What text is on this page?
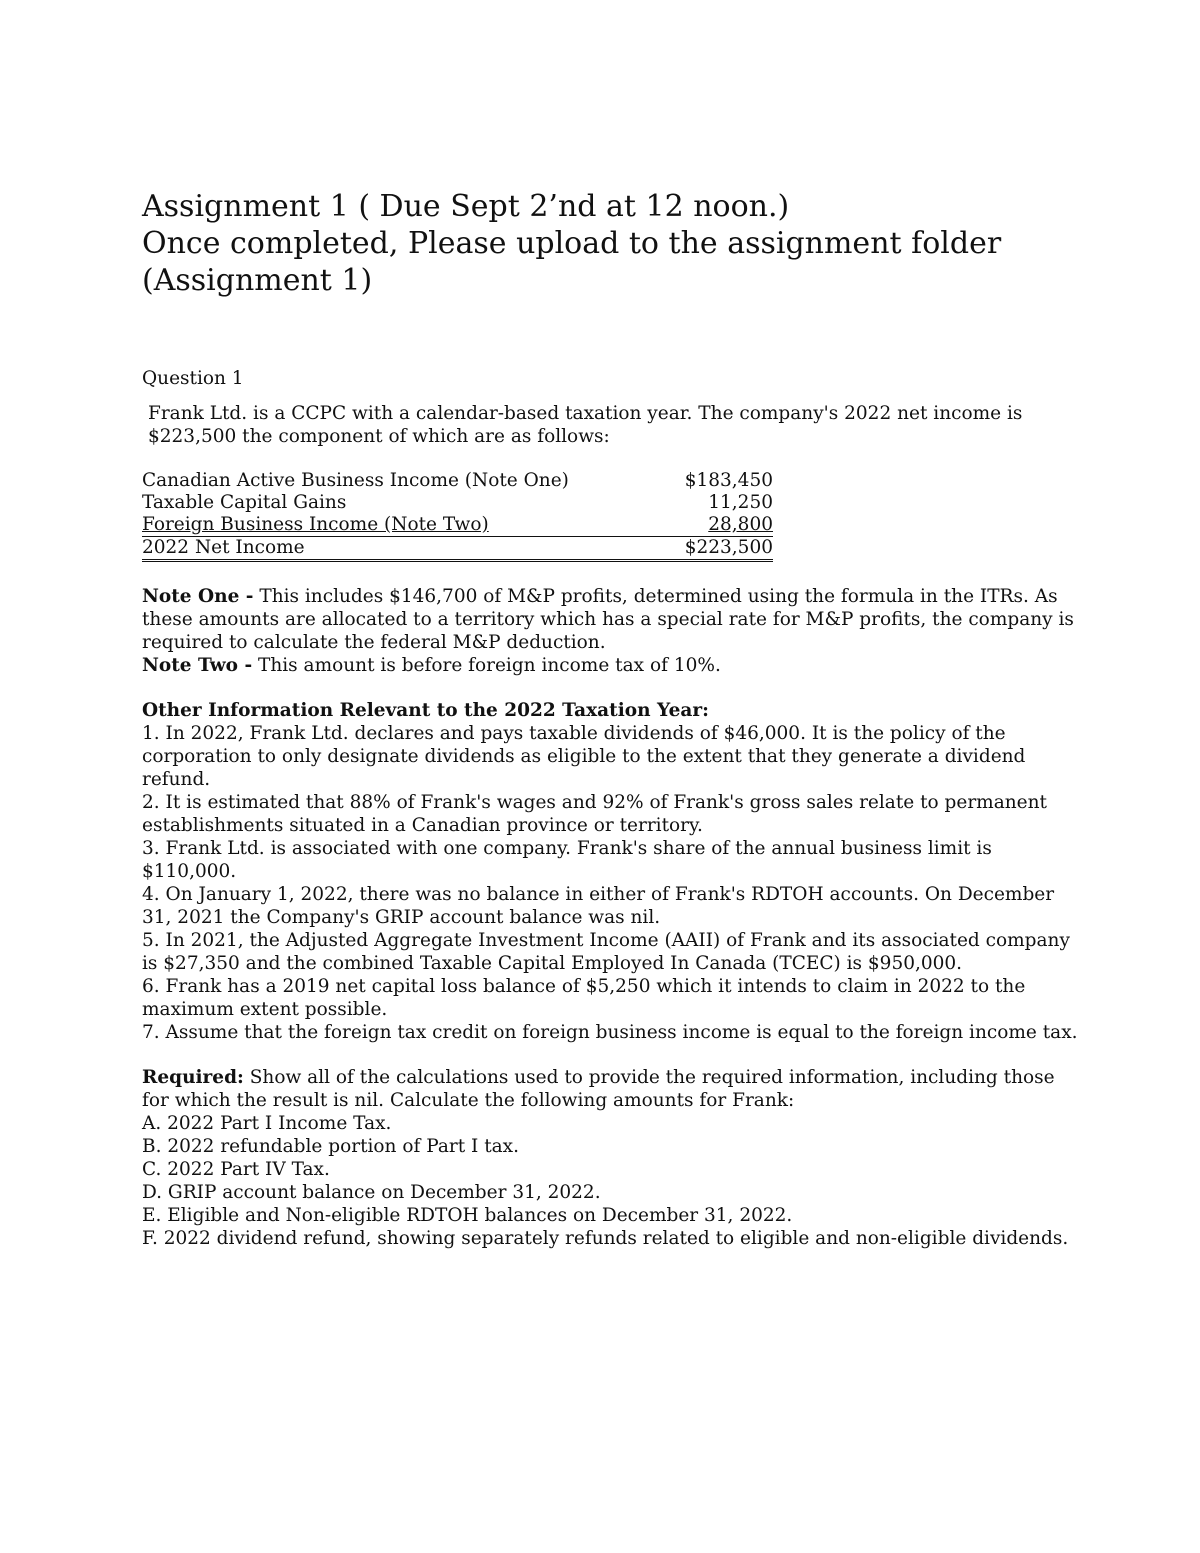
Assignment 1 ( Due Sept 2’nd at 12 noon.)
Once completed, Please upload to the assignment folder
(Assignment 1)
Question 1
Frank Ltd. is a CCPC with a calendar-based taxation year. The company's 2022 net income is $223,500 the component of which are as follows:
Canadian Active Business Income (Note One)	$183,450
Taxable Capital Gains	11,250
Foreign Business Income (Note Two)	28,800
2022 Net Income	$223,500
Note One - This includes $146,700 of M&P profits, determined using the formula in the ITRs. As these amounts are allocated to a territory which has a special rate for M&P profits, the company is required to calculate the federal M&P deduction.
Note Two - This amount is before foreign income tax of 10%.
Other Information Relevant to the 2022 Taxation Year:
1. In 2022, Frank Ltd. declares and pays taxable dividends of $46,000. It is the policy of the corporation to only designate dividends as eligible to the extent that they generate a dividend refund.
2. It is estimated that 88% of Frank's wages and 92% of Frank's gross sales relate to permanent establishments situated in a Canadian province or territory.
3. Frank Ltd. is associated with one company. Frank's share of the annual business limit is $110,000.
4. On January 1, 2022, there was no balance in either of Frank's RDTOH accounts. On December 31, 2021 the Company's GRIP account balance was nil.
5. In 2021, the Adjusted Aggregate Investment Income (AAII) of Frank and its associated company is $27,350 and the combined Taxable Capital Employed In Canada (TCEC) is $950,000.
6. Frank has a 2019 net capital loss balance of $5,250 which it intends to claim in 2022 to the maximum extent possible.
7. Assume that the foreign tax credit on foreign business income is equal to the foreign income tax.
Required: Show all of the calculations used to provide the required information, including those for which the result is nil. Calculate the following amounts for Frank:
A. 2022 Part I Income Tax.
B. 2022 refundable portion of Part I tax.
C. 2022 Part IV Tax.
D. GRIP account balance on December 31, 2022.
E. Eligible and Non-eligible RDTOH balances on December 31, 2022.
F. 2022 dividend refund, showing separately refunds related to eligible and non-eligible dividends.
